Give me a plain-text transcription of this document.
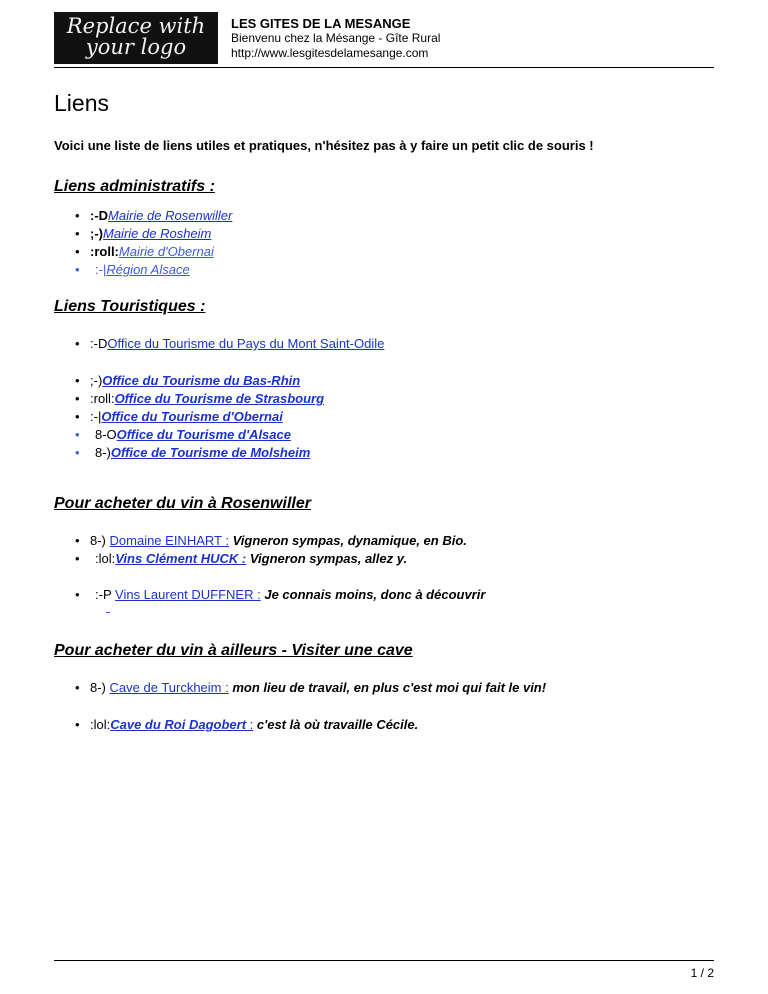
Replace with
your logo
LES GITES DE LA MESANGE
Bienvenu chez la Mésange - Gîte Rural
http://www.lesgitesdelamesange.com
Liens

Voici une liste de liens utiles et pratiques, n'hésitez pas à y faire un petit clic de souris !

Liens administratifs :

• :-DMairie de Rosenwiller
• ;-)Mairie de Rosheim
• :roll:Mairie d'Obernai
• :-|Région Alsace

Liens Touristiques :

• :-DOffice du Tourisme du Pays du Mont Saint-Odile
• ;-)Office du Tourisme du Bas-Rhin
• :roll:Office du Tourisme de Strasbourg
• :-|Office du Tourisme d'Obernai
• 8-OOffice du Tourisme d'Alsace
• 8-)Office de Tourisme de Molsheim

Pour acheter du vin à Rosenwiller

• 8-) Domaine EINHART : Vigneron sympas, dynamique, en Bio.
• :lol:Vins Clément HUCK : Vigneron sympas, allez y.
• :-P Vins Laurent DUFFNER : Je connais moins, donc à découvrir

Pour acheter du vin à ailleurs - Visiter une cave

• 8-) Cave de Turckheim : mon lieu de travail, en plus c'est moi qui fait le vin!
• :lol:Cave du Roi Dagobert : c'est là où travaille Cécile.
1 / 2
